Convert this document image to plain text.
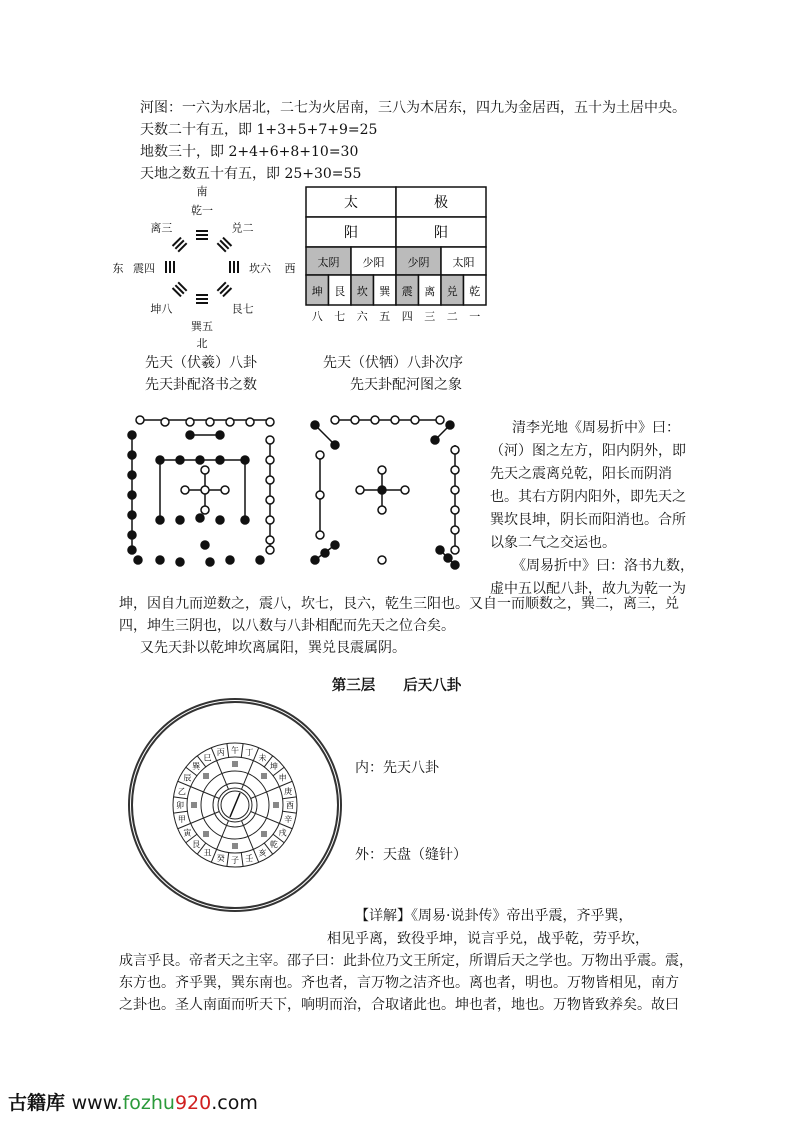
河图：一六为水居北，二七为火居南，三八为木居东，四九为金居西，五十为土居中央。
天数二十有五，即 1+3+5+7+9=25
地数三十，即 2+4+6+8+10=30
天地之数五十有五，即 25+30=55
乾一
兑二
离三
震四
坤八
坎六
艮七
巽五
南
北
东	西
太	极
阳	阳
太阴 少阳 少阴 太阳
坤 艮 坎 巽 震 离 兑 乾
八 七 六 五 四 三 二 一
先天（伏羲）八卦
先天卦配洛书之数
先天（伏牺）八卦次序
先天卦配河图之象
清李光地《周易折中》曰：
（河）图之左方，阳内阴外，即
先天之震离兑乾，阳长而阴消
也。其右方阴内阳外，即先天之
巽坎艮坤，阴长而阳消也。合所
以象二气之交运也。
《周易折中》曰：洛书九数，
虚中五以配八卦，故九为乾一为
坤，因自九而逆数之，震八，坎七，艮六，乾生三阳也。又自一而顺数之，巽二，离三，兑
四，坤生三阴也，以八数与八卦相配而先天之位合矣。
又先天卦以乾坤坎离属阳，巽兑艮震属阴。
第三层 后天八卦
午 丁
未
坤
申
庚
酉
辛
戌
乾
亥
壬
子
癸
丑
艮
寅
甲
卯
乙
辰
巽
巳
丙
内：先天八卦
外：天盘（缝针）
【详解】《周易·说卦传》帝出乎震，齐乎巽，
相见乎离，致役乎坤，说言乎兑，战乎乾，劳乎坎，
成言乎艮。帝者天之主宰。邵子曰：此卦位乃文王所定，所谓后天之学也。万物出乎震。震，
东方也。齐乎巽，巽东南也。齐也者，言万物之洁齐也。离也者，明也。万物皆相见，南方
之卦也。圣人南面而听天下，响明而治，合取诸此也。坤也者，地也。万物皆致养矣。故曰
古籍库 www.fozhu920.com
